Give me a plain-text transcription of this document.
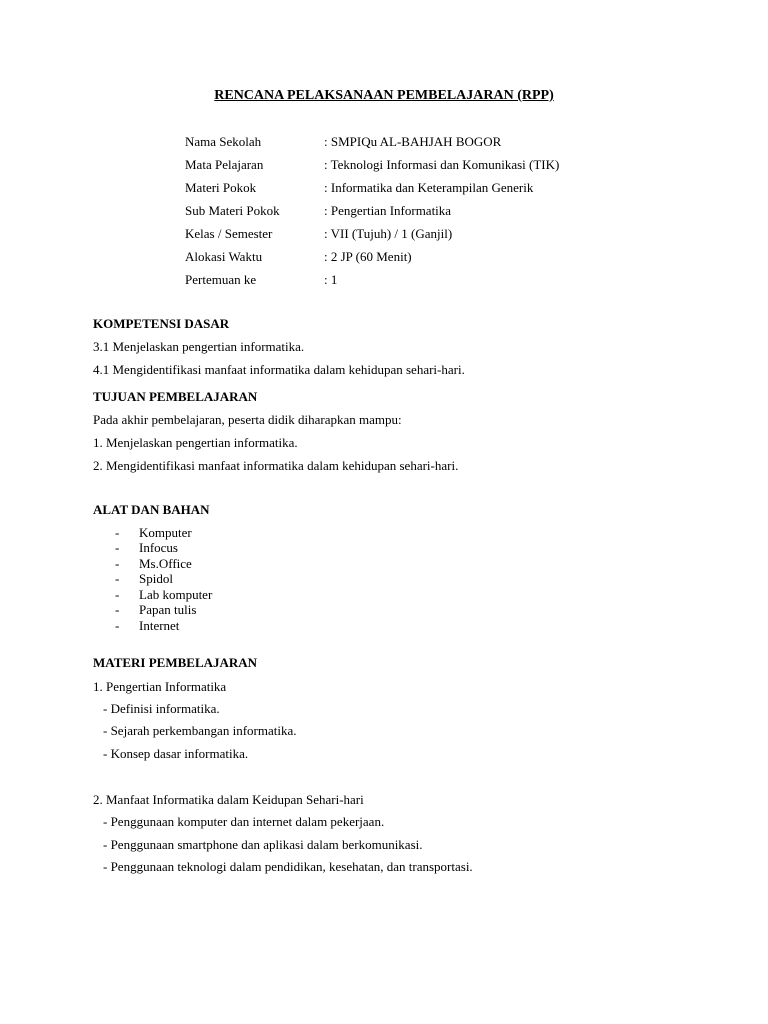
RENCANA PELAKSANAAN PEMBELAJARAN (RPP)
Nama Sekolah	: SMPIQu AL-BAHJAH BOGOR
Mata Pelajaran	: Teknologi Informasi dan Komunikasi (TIK)
Materi Pokok	: Informatika dan Keterampilan Generik
Sub Materi Pokok	: Pengertian Informatika
Kelas / Semester	: VII (Tujuh) / 1 (Ganjil)
Alokasi Waktu	: 2 JP (60 Menit)
Pertemuan ke	: 1
KOMPETENSI DASAR
3.1 Menjelaskan pengertian informatika.
4.1 Mengidentifikasi manfaat informatika dalam kehidupan sehari-hari.
TUJUAN PEMBELAJARAN
Pada akhir pembelajaran, peserta didik diharapkan mampu:
1. Menjelaskan pengertian informatika.
2. Mengidentifikasi manfaat informatika dalam kehidupan sehari-hari.
ALAT DAN BAHAN
- Komputer
- Infocus
- Ms.Office
- Spidol
- Lab komputer
- Papan tulis
- Internet
MATERI PEMBELAJARAN
1. Pengertian Informatika
- Definisi informatika.
- Sejarah perkembangan informatika.
- Konsep dasar informatika.
2. Manfaat Informatika dalam Keidupan Sehari-hari
- Penggunaan komputer dan internet dalam pekerjaan.
- Penggunaan smartphone dan aplikasi dalam berkomunikasi.
- Penggunaan teknologi dalam pendidikan, kesehatan, dan transportasi.
